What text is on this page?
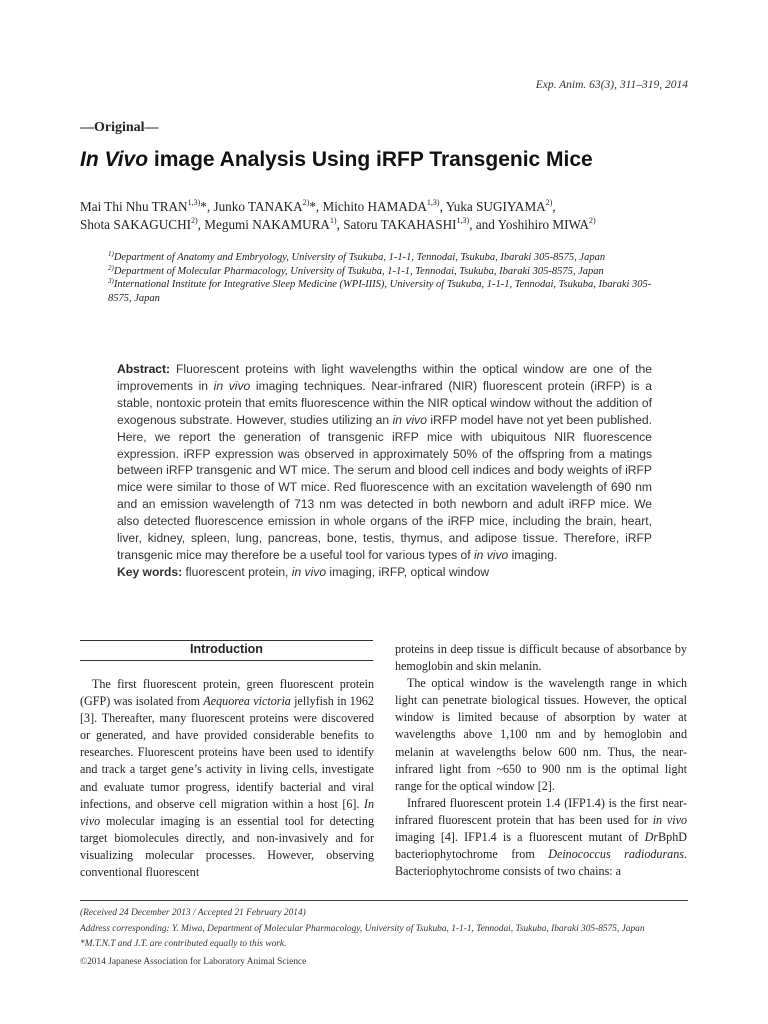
Exp. Anim. 63(3), 311–319, 2014
—Original—
In Vivo image Analysis Using iRFP Transgenic Mice
Mai Thi Nhu TRAN$^{1,3)}$*, Junko TANAKA$^{2)}$*, Michito HAMADA$^{1,3)}$, Yuka SUGIYAMA$^{2)}$,
Shota SAKAGUCHI$^{2)}$, Megumi NAKAMURA$^{1)}$, Satoru TAKAHASHI$^{1,3)}$, and Yoshihiro MIWA$^{2)}$
$^{1)}$Department of Anatomy and Embryology, University of Tsukuba, 1-1-1, Tennodai, Tsukuba, Ibaraki 305-8575, Japan
$^{2)}$Department of Molecular Pharmacology, University of Tsukuba, 1-1-1, Tennodai, Tsukuba, Ibaraki 305-8575, Japan
$^{3)}$International Institute for Integrative Sleep Medicine (WPI-IIIS), University of Tsukuba, 1-1-1, Tennodai, Tsukuba, Ibaraki 305-8575, Japan
Abstract: Fluorescent proteins with light wavelengths within the optical window are one of the improvements in in vivo imaging techniques. Near-infrared (NIR) fluorescent protein (iRFP) is a stable, nontoxic protein that emits fluorescence within the NIR optical window without the addition of exogenous substrate. However, studies utilizing an in vivo iRFP model have not yet been published. Here, we report the generation of transgenic iRFP mice with ubiquitous NIR fluorescence expression. iRFP expression was observed in approximately 50% of the offspring from a matings between iRFP transgenic and WT mice. The serum and blood cell indices and body weights of iRFP mice were similar to those of WT mice. Red fluorescence with an excitation wavelength of 690 nm and an emission wavelength of 713 nm was detected in both newborn and adult iRFP mice. We also detected fluorescence emission in whole organs of the iRFP mice, including the brain, heart, liver, kidney, spleen, lung, pancreas, bone, testis, thymus, and adipose tissue. Therefore, iRFP transgenic mice may therefore be a useful tool for various types of in vivo imaging.
Key words: fluorescent protein, in vivo imaging, iRFP, optical window
Introduction

The first fluorescent protein, green fluorescent protein (GFP) was isolated from Aequorea victoria jellyfish in 1962 [3]. Thereafter, many fluorescent proteins were discovered or generated, and have provided considerable benefits to researches. Fluorescent proteins have been used to identify and track a target gene’s activity in living cells, investigate and evaluate tumor progress, identify bacterial and viral infections, and observe cell migration within a host [6]. In vivo molecular imaging is an essential tool for detecting target biomolecules directly, and non-invasively and for visualizing molecular processes. However, observing conventional fluorescent

proteins in deep tissue is difficult because of absorbance by hemoglobin and skin melanin.

The optical window is the wavelength range in which light can penetrate biological tissues. However, the optical window is limited because of absorption by water at wavelengths above 1,100 nm and by hemoglobin and melanin at wavelengths below 600 nm. Thus, the near-infrared light from ~650 to 900 nm is the optimal light range for the optical window [2].

Infrared fluorescent protein 1.4 (IFP1.4) is the first near-infrared fluorescent protein that has been used for in vivo imaging [4]. IFP1.4 is a fluorescent mutant of DrBphD bacteriophytochrome from Deinococcus radiodurans. Bacteriophytochrome consists of two chains: a

(Received 24 December 2013 / Accepted 21 February 2014)
Address corresponding: Y. Miwa, Department of Molecular Pharmacology, University of Tsukuba, 1-1-1, Tennodai, Tsukuba, Ibaraki 305-8575, Japan
*M.T.N.T and J.T. are contributed equally to this work.
©2014 Japanese Association for Laboratory Animal Science
